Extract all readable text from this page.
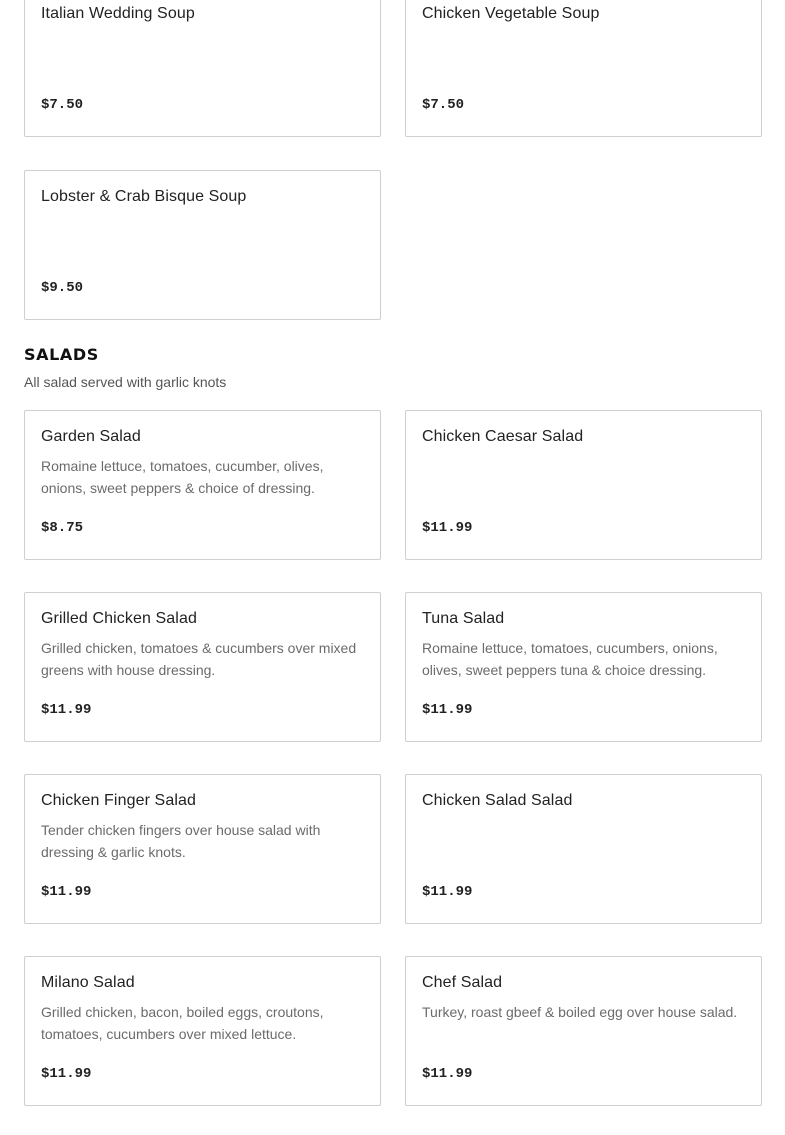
Italian Wedding Soup
$7.50
Chicken Vegetable Soup
$7.50
Lobster & Crab Bisque Soup
$9.50
SALADS
All salad served with garlic knots
Garden Salad
Romaine lettuce, tomatoes, cucumber, olives, onions, sweet peppers & choice of dressing.
$8.75
Chicken Caesar Salad
$11.99
Grilled Chicken Salad
Grilled chicken, tomatoes & cucumbers over mixed greens with house dressing.
$11.99
Tuna Salad
Romaine lettuce, tomatoes, cucumbers, onions, olives, sweet peppers tuna & choice dressing.
$11.99
Chicken Finger Salad
Tender chicken fingers over house salad with dressing & garlic knots.
$11.99
Chicken Salad Salad
$11.99
Milano Salad
Grilled chicken, bacon, boiled eggs, croutons, tomatoes, cucumbers over mixed lettuce.
$11.99
Chef Salad
Turkey, roast gbeef & boiled egg over house salad.
$11.99
